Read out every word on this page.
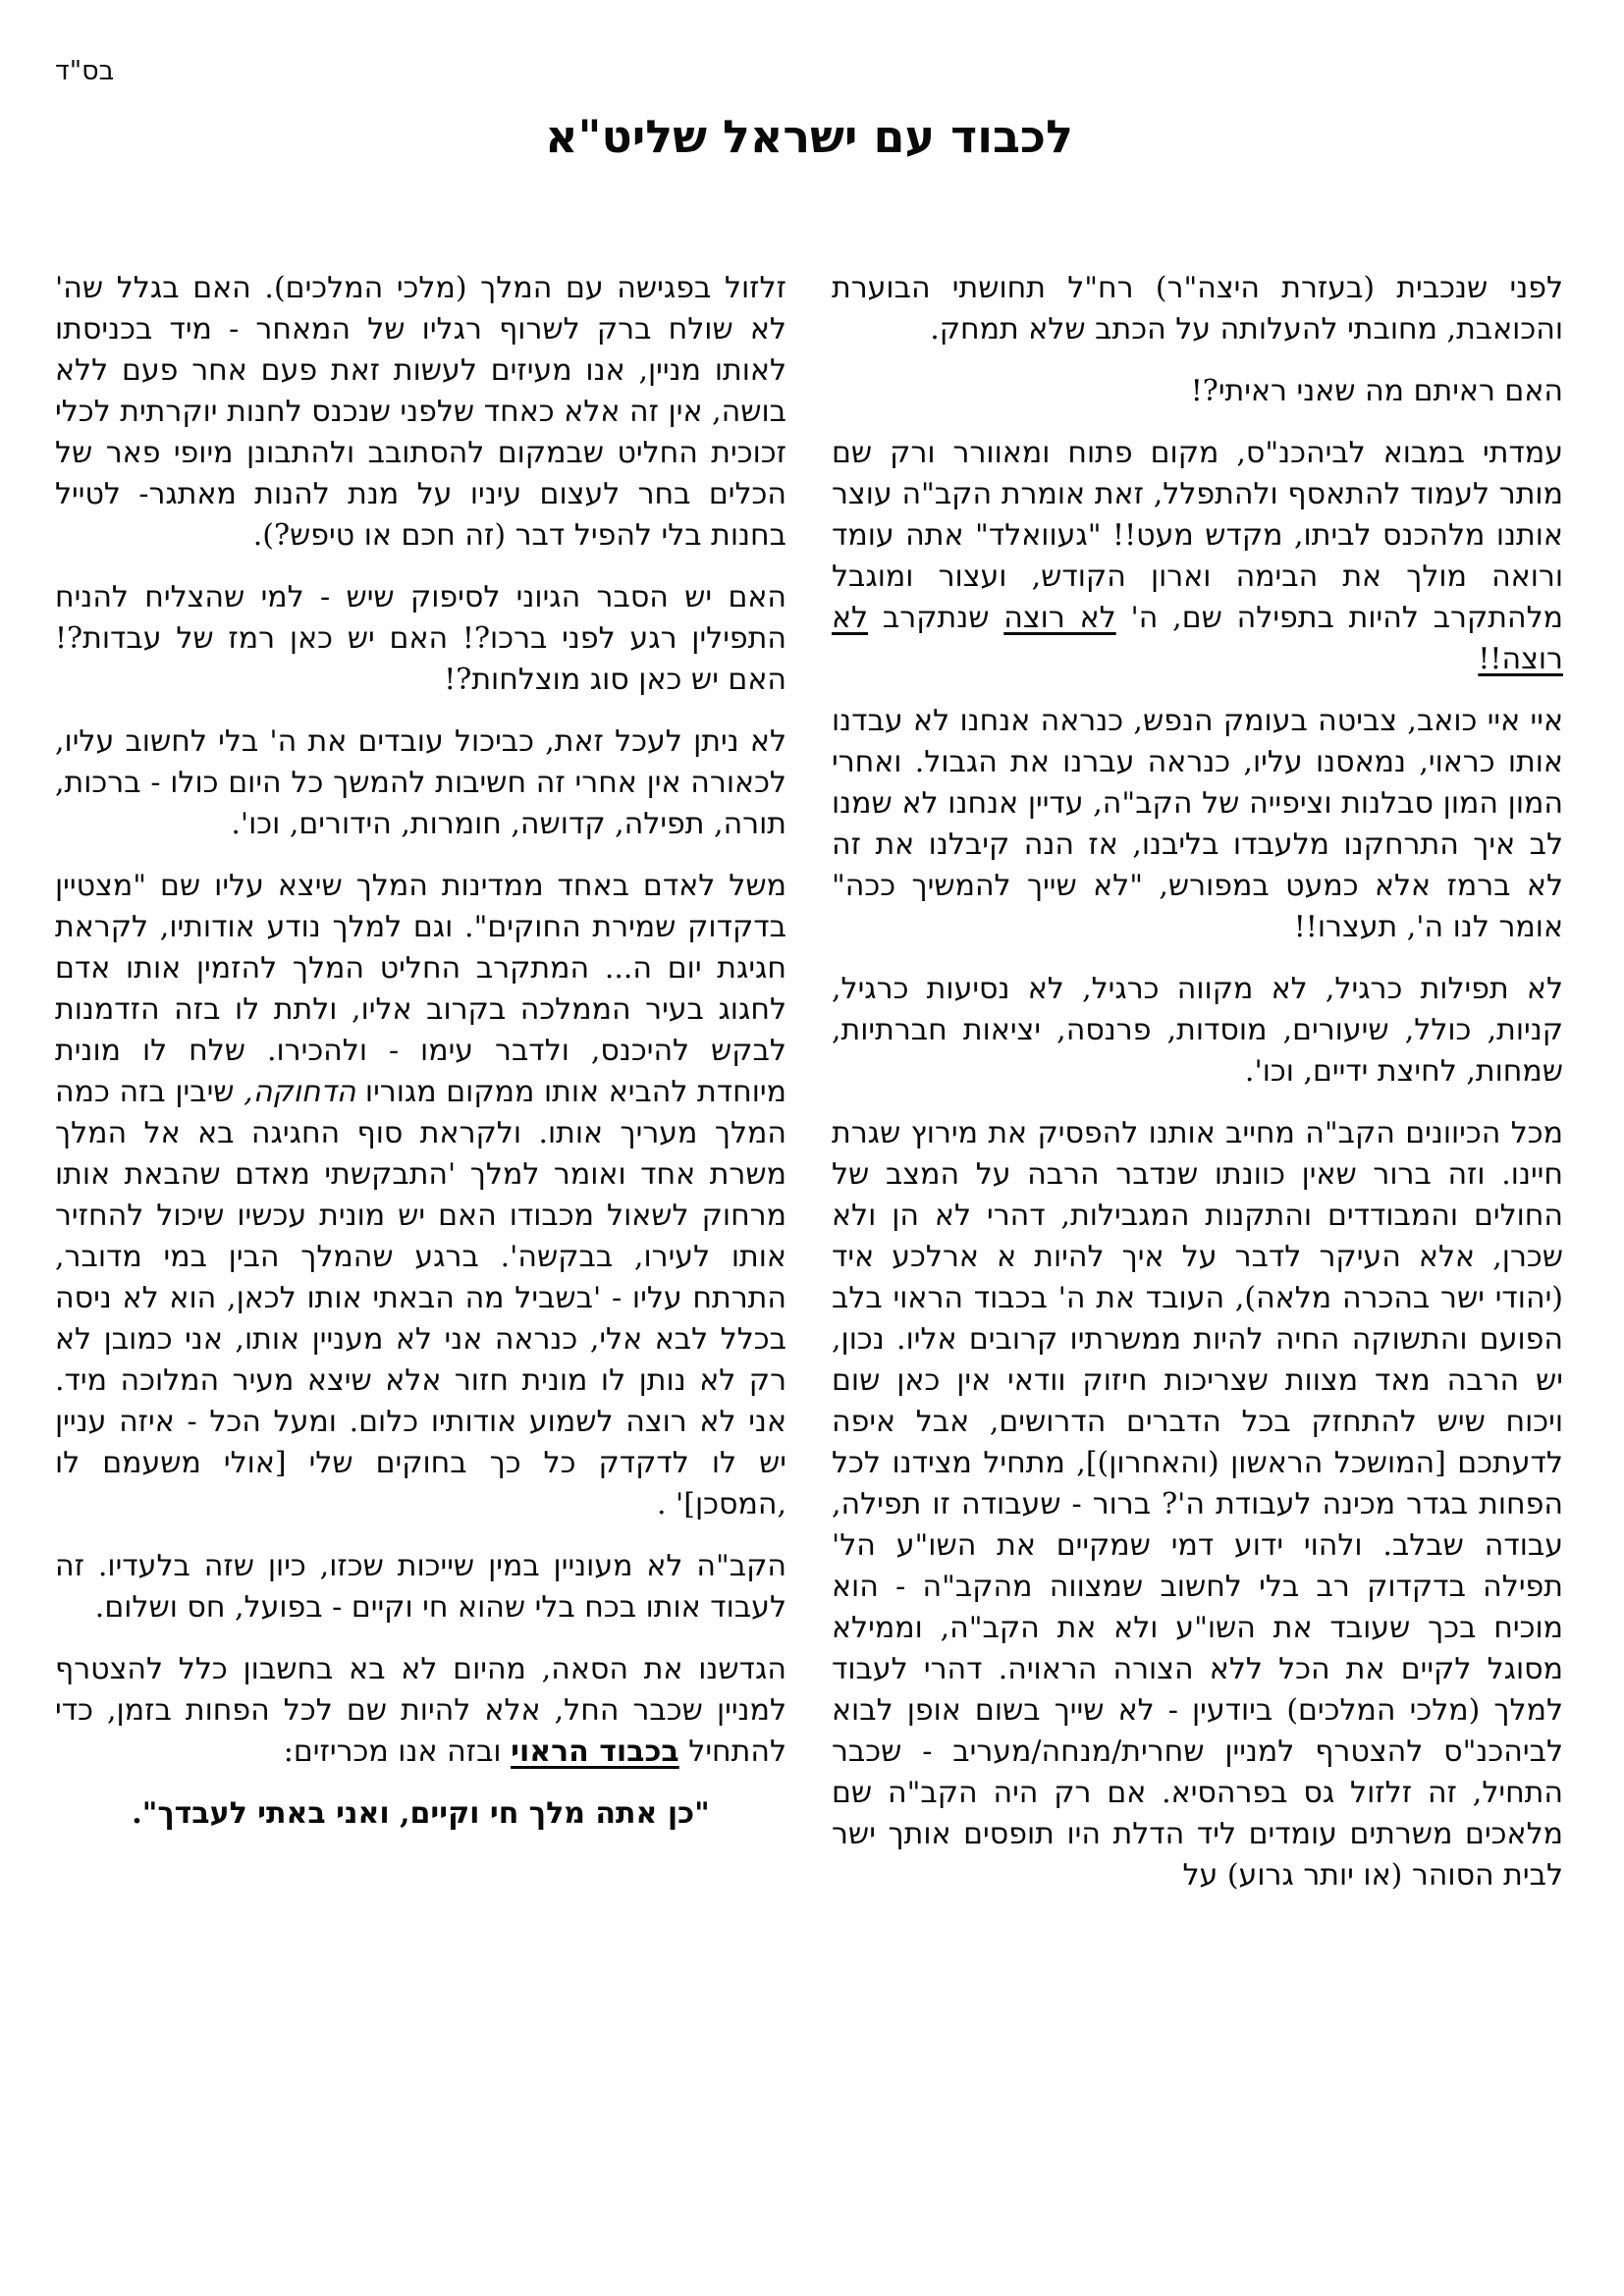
בס"ד
לכבוד עם ישראל שליט"א

לפני שנכבית (בעזרת היצה"ר) רח"ל תחושתי הבוערת והכואבת, מחובתי להעלותה על הכתב שלא תמחק.

האם ראיתם מה שאני ראיתי?!

עמדתי במבוא לביהכנ"ס, מקום פתוח ומאוורר ורק שם מותר לעמוד להתאסף ולהתפלל, זאת אומרת הקב"ה עוצר אותנו מלהכנס לביתו, מקדש מעט!! "געוואלד" אתה עומד ורואה מולך את הבימה וארון הקודש, ועצור ומוגבל מלהתקרב להיות בתפילה שם, ה' לא רוצה שנתקרב לא רוצה!!

איי איי כואב, צביטה בעומק הנפש, כנראה אנחנו לא עבדנו אותו כראוי, נמאסנו עליו, כנראה עברנו את הגבול. ואחרי המון המון סבלנות וציפייה של הקב"ה, עדיין אנחנו לא שמנו לב איך התרחקנו מלעבדו בליבנו, אז הנה קיבלנו את זה לא ברמז אלא כמעט במפורש, "לא שייך להמשיך ככה" אומר לנו ה', תעצרו!!

לא תפילות כרגיל, לא מקווה כרגיל, לא נסיעות כרגיל, קניות, כולל, שיעורים, מוסדות, פרנסה, יציאות חברתיות, שמחות, לחיצת ידיים, וכו'.

מכל הכיוונים הקב"ה מחייב אותנו להפסיק את מירוץ שגרת חיינו. וזה ברור שאין כוונתו שנדבר הרבה על המצב של החולים והמבודדים והתקנות המגבילות, דהרי לא הן ולא שכרן, אלא העיקר לדבר על איך להיות א ארלכע איד (יהודי ישר בהכרה מלאה), העובד את ה' בכבוד הראוי בלב הפועם והתשוקה החיה להיות ממשרתיו קרובים אליו. נכון, יש הרבה מאד מצוות שצריכות חיזוק וודאי אין כאן שום ויכוח שיש להתחזק בכל הדברים הדרושים, אבל איפה לדעתכם [המושכל הראשון (והאחרון)], מתחיל מצידנו לכל הפחות בגדר מכינה לעבודת ה'? ברור - שעבודה זו תפילה, עבודה שבלב. ולהוי ידוע דמי שמקיים את השו"ע הל' תפילה בדקדוק רב בלי לחשוב שמצווה מהקב"ה - הוא מוכיח בכך שעובד את השו"ע ולא את הקב"ה, וממילא מסוגל לקיים את הכל ללא הצורה הראויה. דהרי לעבוד למלך (מלכי המלכים) ביודעין - לא שייך בשום אופן לבוא לביהכנ"ס להצטרף למניין שחרית/מנחה/מעריב - שכבר התחיל, זה זלזול גס בפרהסיא. אם רק היה הקב"ה שם מלאכים משרתים עומדים ליד הדלת היו תופסים אותך ישר לבית הסוהר (או יותר גרוע) על

זלזול בפגישה עם המלך (מלכי המלכים). האם בגלל שה' לא שולח ברק לשרוף רגליו של המאחר - מיד בכניסתו לאותו מניין, אנו מעיזים לעשות זאת פעם אחר פעם ללא בושה, אין זה אלא כאחד שלפני שנכנס לחנות יוקרתית לכלי זכוכית החליט שבמקום להסתובב ולהתבונן מיופי פאר של הכלים בחר לעצום עיניו על מנת להנות מאתגר- לטייל בחנות בלי להפיל דבר (זה חכם או טיפש?).

האם יש הסבר הגיוני לסיפוק שיש - למי שהצליח להניח התפילין רגע לפני ברכו?! האם יש כאן רמז של עבדות?! האם יש כאן סוג מוצלחות?!

לא ניתן לעכל זאת, כביכול עובדים את ה' בלי לחשוב עליו, לכאורה אין אחרי זה חשיבות להמשך כל היום כולו - ברכות, תורה, תפילה, קדושה, חומרות, הידורים, וכו'.

משל לאדם באחד ממדינות המלך שיצא עליו שם "מצטיין בדקדוק שמירת החוקים". וגם למלך נודע אודותיו, לקראת חגיגת יום ה... המתקרב החליט המלך להזמין אותו אדם לחגוג בעיר הממלכה בקרוב אליו, ולתת לו בזה הזדמנות לבקש להיכנס, ולדבר עימו - ולהכירו. שלח לו מונית מיוחדת להביא אותו ממקום מגוריו הדחוקה, שיבין בזה כמה המלך מעריך אותו. ולקראת סוף החגיגה בא אל המלך משרת אחד ואומר למלך 'התבקשתי מאדם שהבאת אותו מרחוק לשאול מכבודו האם יש מונית עכשיו שיכול להחזיר אותו לעירו, בבקשה'. ברגע שהמלך הבין במי מדובר, התרתח עליו - 'בשביל מה הבאתי אותו לכאן, הוא לא ניסה בכלל לבא אלי, כנראה אני לא מעניין אותו, אני כמובן לא רק לא נותן לו מונית חזור אלא שיצא מעיר המלוכה מיד. אני לא רוצה לשמוע אודותיו כלום. ומעל הכל - איזה עניין יש לו לדקדק כל כך בחוקים שלי [אולי משעמם לו ,המסכן]' .

הקב"ה לא מעוניין במין שייכות שכזו, כיון שזה בלעדיו. זה לעבוד אותו בכח בלי שהוא חי וקיים - בפועל, חס ושלום.

הגדשנו את הסאה, מהיום לא בא בחשבון כלל להצטרף למניין שכבר החל, אלא להיות שם לכל הפחות בזמן, כדי להתחיל בכבוד הראוי ובזה אנו מכריזים:

"כן אתה מלך חי וקיים, ואני באתי לעבדך".
